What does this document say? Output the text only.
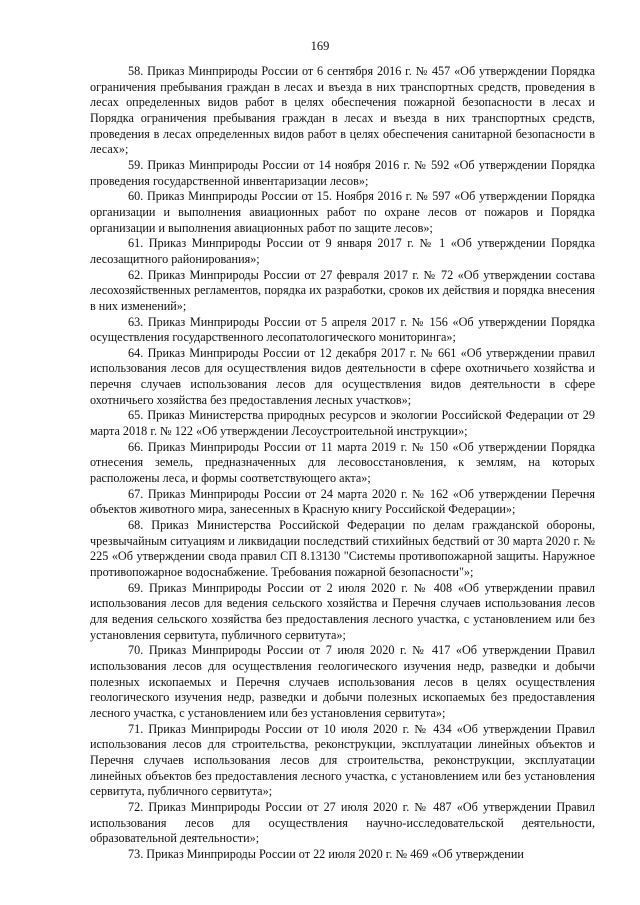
169

58. Приказ Минприроды России от 6 сентября 2016 г. № 457 «Об утверждении Порядка ограничения пребывания граждан в лесах и въезда в них транспортных средств, проведения в лесах определенных видов работ в целях обеспечения пожарной безопасности в лесах и Порядка ограничения пребывания граждан в лесах и въезда в них транспортных средств, проведения в лесах определенных видов работ в целях обеспечения санитарной безопасности в лесах»;

59. Приказ Минприроды России от 14 ноября 2016 г. № 592 «Об утверждении Порядка проведения государственной инвентаризации лесов»;

60. Приказ Минприроды России от 15. Ноября 2016 г. № 597 «Об утверждении Порядка организации и выполнения авиационных работ по охране лесов от пожаров и Порядка организации и выполнения авиационных работ по защите лесов»;

61. Приказ Минприроды России от 9 января 2017 г. № 1 «Об утверждении Порядка лесозащитного районирования»;

62. Приказ Минприроды России от 27 февраля 2017 г. № 72 «Об утверждении состава лесохозяйственных регламентов, порядка их разработки, сроков их действия и порядка внесения в них изменений»;

63. Приказ Минприроды России от 5 апреля 2017 г. № 156 «Об утверждении Порядка осуществления государственного лесопатологического мониторинга»;

64. Приказ Минприроды России от 12 декабря 2017 г. № 661 «Об утверждении правил использования лесов для осуществления видов деятельности в сфере охотничьего хозяйства и перечня случаев использования лесов для осуществления видов деятельности в сфере охотничьего хозяйства без предоставления лесных участков»;

65. Приказ Министерства природных ресурсов и экологии Российской Федерации от 29 марта 2018 г. № 122 «Об утверждении Лесоустроительной инструкции»;

66. Приказ Минприроды России от 11 марта 2019 г. № 150 «Об утверждении Порядка отнесения земель, предназначенных для лесовосстановления, к землям, на которых расположены леса, и формы соответствующего акта»;

67. Приказ Минприроды России от 24 марта 2020 г. № 162 «Об утверждении Перечня объектов животного мира, занесенных в Красную книгу Российской Федерации»;

68. Приказ Министерства Российской Федерации по делам гражданской обороны, чрезвычайным ситуациям и ликвидации последствий стихийных бедствий от 30 марта 2020 г. № 225 «Об утверждении свода правил СП 8.13130 "Системы противопожарной защиты. Наружное противопожарное водоснабжение. Требования пожарной безопасности"»;

69. Приказ Минприроды России от 2 июля 2020 г. № 408 «Об утверждении правил использования лесов для ведения сельского хозяйства и Перечня случаев использования лесов для ведения сельского хозяйства без предоставления лесного участка, с установлением или без установления сервитута, публичного сервитута»;

70. Приказ Минприроды России от 7 июля 2020 г. № 417 «Об утверждении Правил использования лесов для осуществления геологического изучения недр, разведки и добычи полезных ископаемых и Перечня случаев использования лесов в целях осуществления геологического изучения недр, разведки и добычи полезных ископаемых без предоставления лесного участка, с установлением или без установления сервитута»;

71. Приказ Минприроды России от 10 июля 2020 г. № 434 «Об утверждении Правил использования лесов для строительства, реконструкции, эксплуатации линейных объектов и Перечня случаев использования лесов для строительства, реконструкции, эксплуатации линейных объектов без предоставления лесного участка, с установлением или без установления сервитута, публичного сервитута»;

72. Приказ Минприроды России от 27 июля 2020 г. № 487 «Об утверждении Правил использования лесов для осуществления научно-исследовательской деятельности, образовательной деятельности»;

73. Приказ Минприроды России от 22 июля 2020 г. № 469 «Об утверждении
